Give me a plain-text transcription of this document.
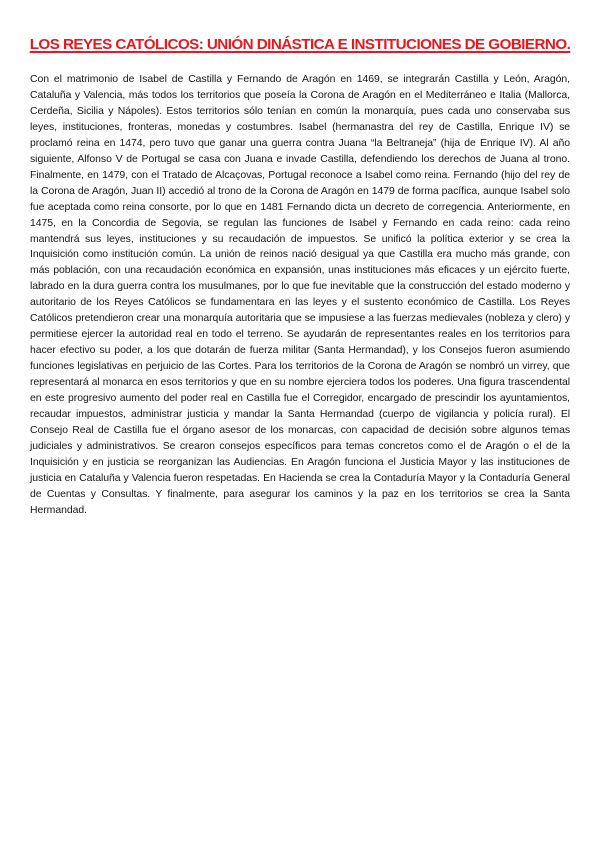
LOS REYES CATÓLICOS: UNIÓN DINÁSTICA E INSTITUCIONES DE GOBIERNO.

Con el matrimonio de Isabel de Castilla y Fernando de Aragón en 1469, se integrarán Castilla y León, Aragón, Cataluña y Valencia, más todos los territorios que poseía la Corona de Aragón en el Mediterráneo e Italia (Mallorca, Cerdeña, Sicilia y Nápoles). Estos territorios sólo tenían en común la monarquía, pues cada uno conservaba sus leyes, instituciones, fronteras, monedas y costumbres. Isabel (hermanastra del rey de Castilla, Enrique IV) se proclamó reina en 1474, pero tuvo que ganar una guerra contra Juana “la Beltraneja” (hija de Enrique IV). Al año siguiente, Alfonso V de Portugal se casa con Juana e invade Castilla, defendiendo los derechos de Juana al trono. Finalmente, en 1479, con el Tratado de Alcaçovas, Portugal reconoce a Isabel como reina. Fernando (hijo del rey de la Corona de Aragón, Juan II) accedió al trono de la Corona de Aragón en 1479 de forma pacífica, aunque Isabel solo fue aceptada como reina consorte, por lo que en 1481 Fernando dicta un decreto de corregencia. Anteriormente, en 1475, en la Concordia de Segovia, se regulan las funciones de Isabel y Fernando en cada reino: cada reino mantendrá sus leyes, instituciones y su recaudación de impuestos. Se unificó la política exterior y se crea la Inquisición como institución común. La unión de reinos nació desigual ya que Castilla era mucho más grande, con más población, con una recaudación económica en expansión, unas instituciones más eficaces y un ejército fuerte, labrado en la dura guerra contra los musulmanes, por lo que fue inevitable que la construcción del estado moderno y autoritario de los Reyes Católicos se fundamentara en las leyes y el sustento económico de Castilla. Los Reyes Católicos pretendieron crear una monarquía autoritaria que se impusiese a las fuerzas medievales (nobleza y clero) y permitiese ejercer la autoridad real en todo el terreno. Se ayudarán de representantes reales en los territorios para hacer efectivo su poder, a los que dotarán de fuerza militar (Santa Hermandad), y los Consejos fueron asumiendo funciones legislativas en perjuicio de las Cortes. Para los territorios de la Corona de Aragón se nombró un virrey, que representará al monarca en esos territorios y que en su nombre ejerciera todos los poderes. Una figura trascendental en este progresivo aumento del poder real en Castilla fue el Corregidor, encargado de prescindir los ayuntamientos, recaudar impuestos, administrar justicia y mandar la Santa Hermandad (cuerpo de vigilancia y policía rural). El Consejo Real de Castilla fue el órgano asesor de los monarcas, con capacidad de decisión sobre algunos temas judiciales y administrativos. Se crearon consejos específicos para temas concretos como el de Aragón o el de la Inquisición y en justicia se reorganizan las Audiencias. En Aragón funciona el Justicia Mayor y las instituciones de justicia en Cataluña y Valencia fueron respetadas. En Hacienda se crea la Contaduría Mayor y la Contaduría General de Cuentas y Consultas. Y finalmente, para asegurar los caminos y la paz en los territorios se crea la Santa Hermandad.
